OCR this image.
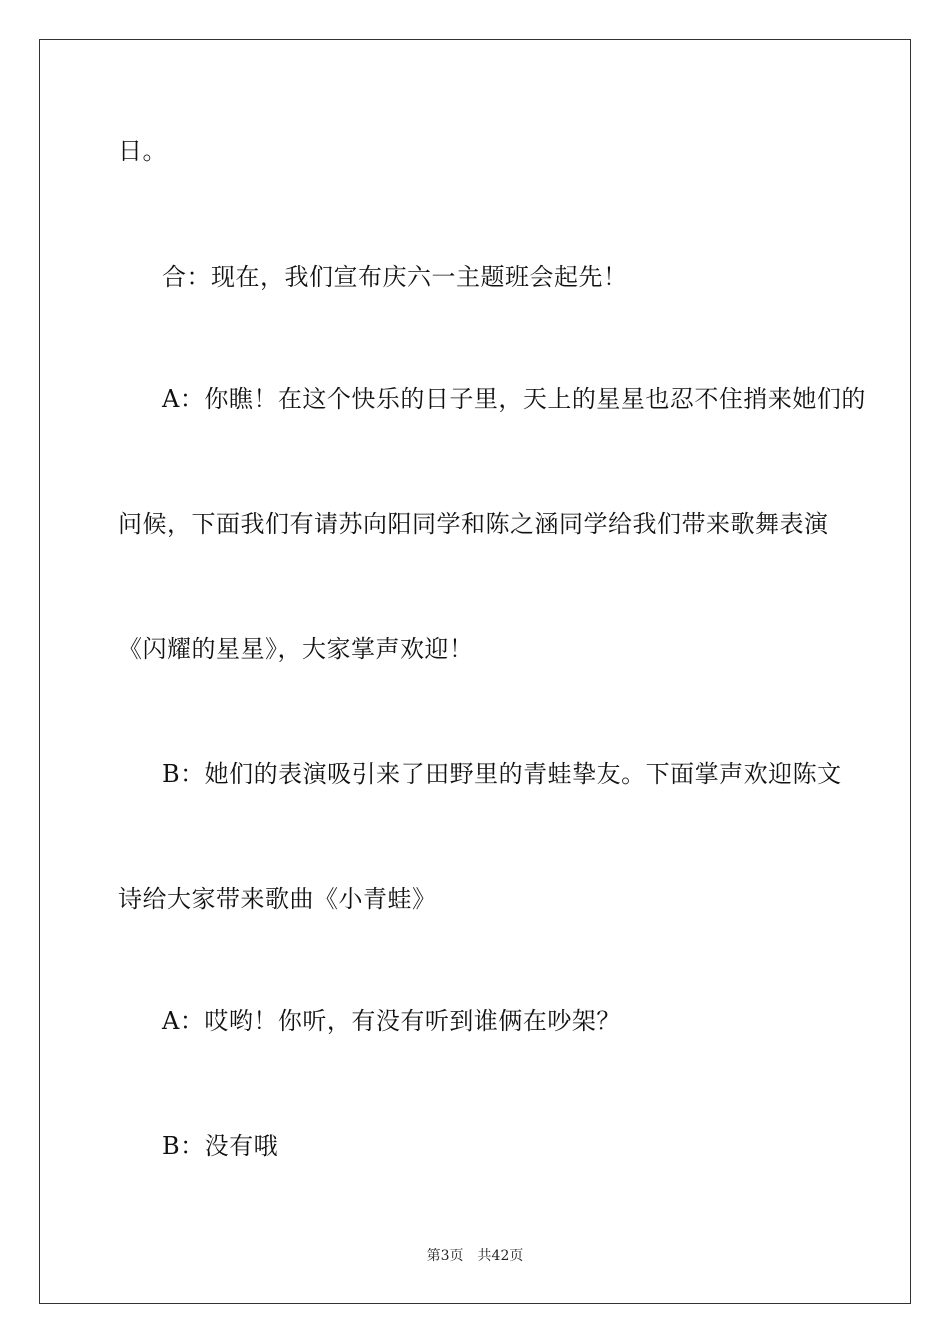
日。
合：现在，我们宣布庆六一主题班会起先！
A：你瞧！在这个快乐的日子里，天上的星星也忍不住捎来她们的
问候，下面我们有请苏向阳同学和陈之涵同学给我们带来歌舞表演
《闪耀的星星》，大家掌声欢迎！
B：她们的表演吸引来了田野里的青蛙挚友。下面掌声欢迎陈文
诗给大家带来歌曲《小青蛙》
A：哎哟！你听，有没有听到谁俩在吵架？
B：没有哦
第3页 共42页
